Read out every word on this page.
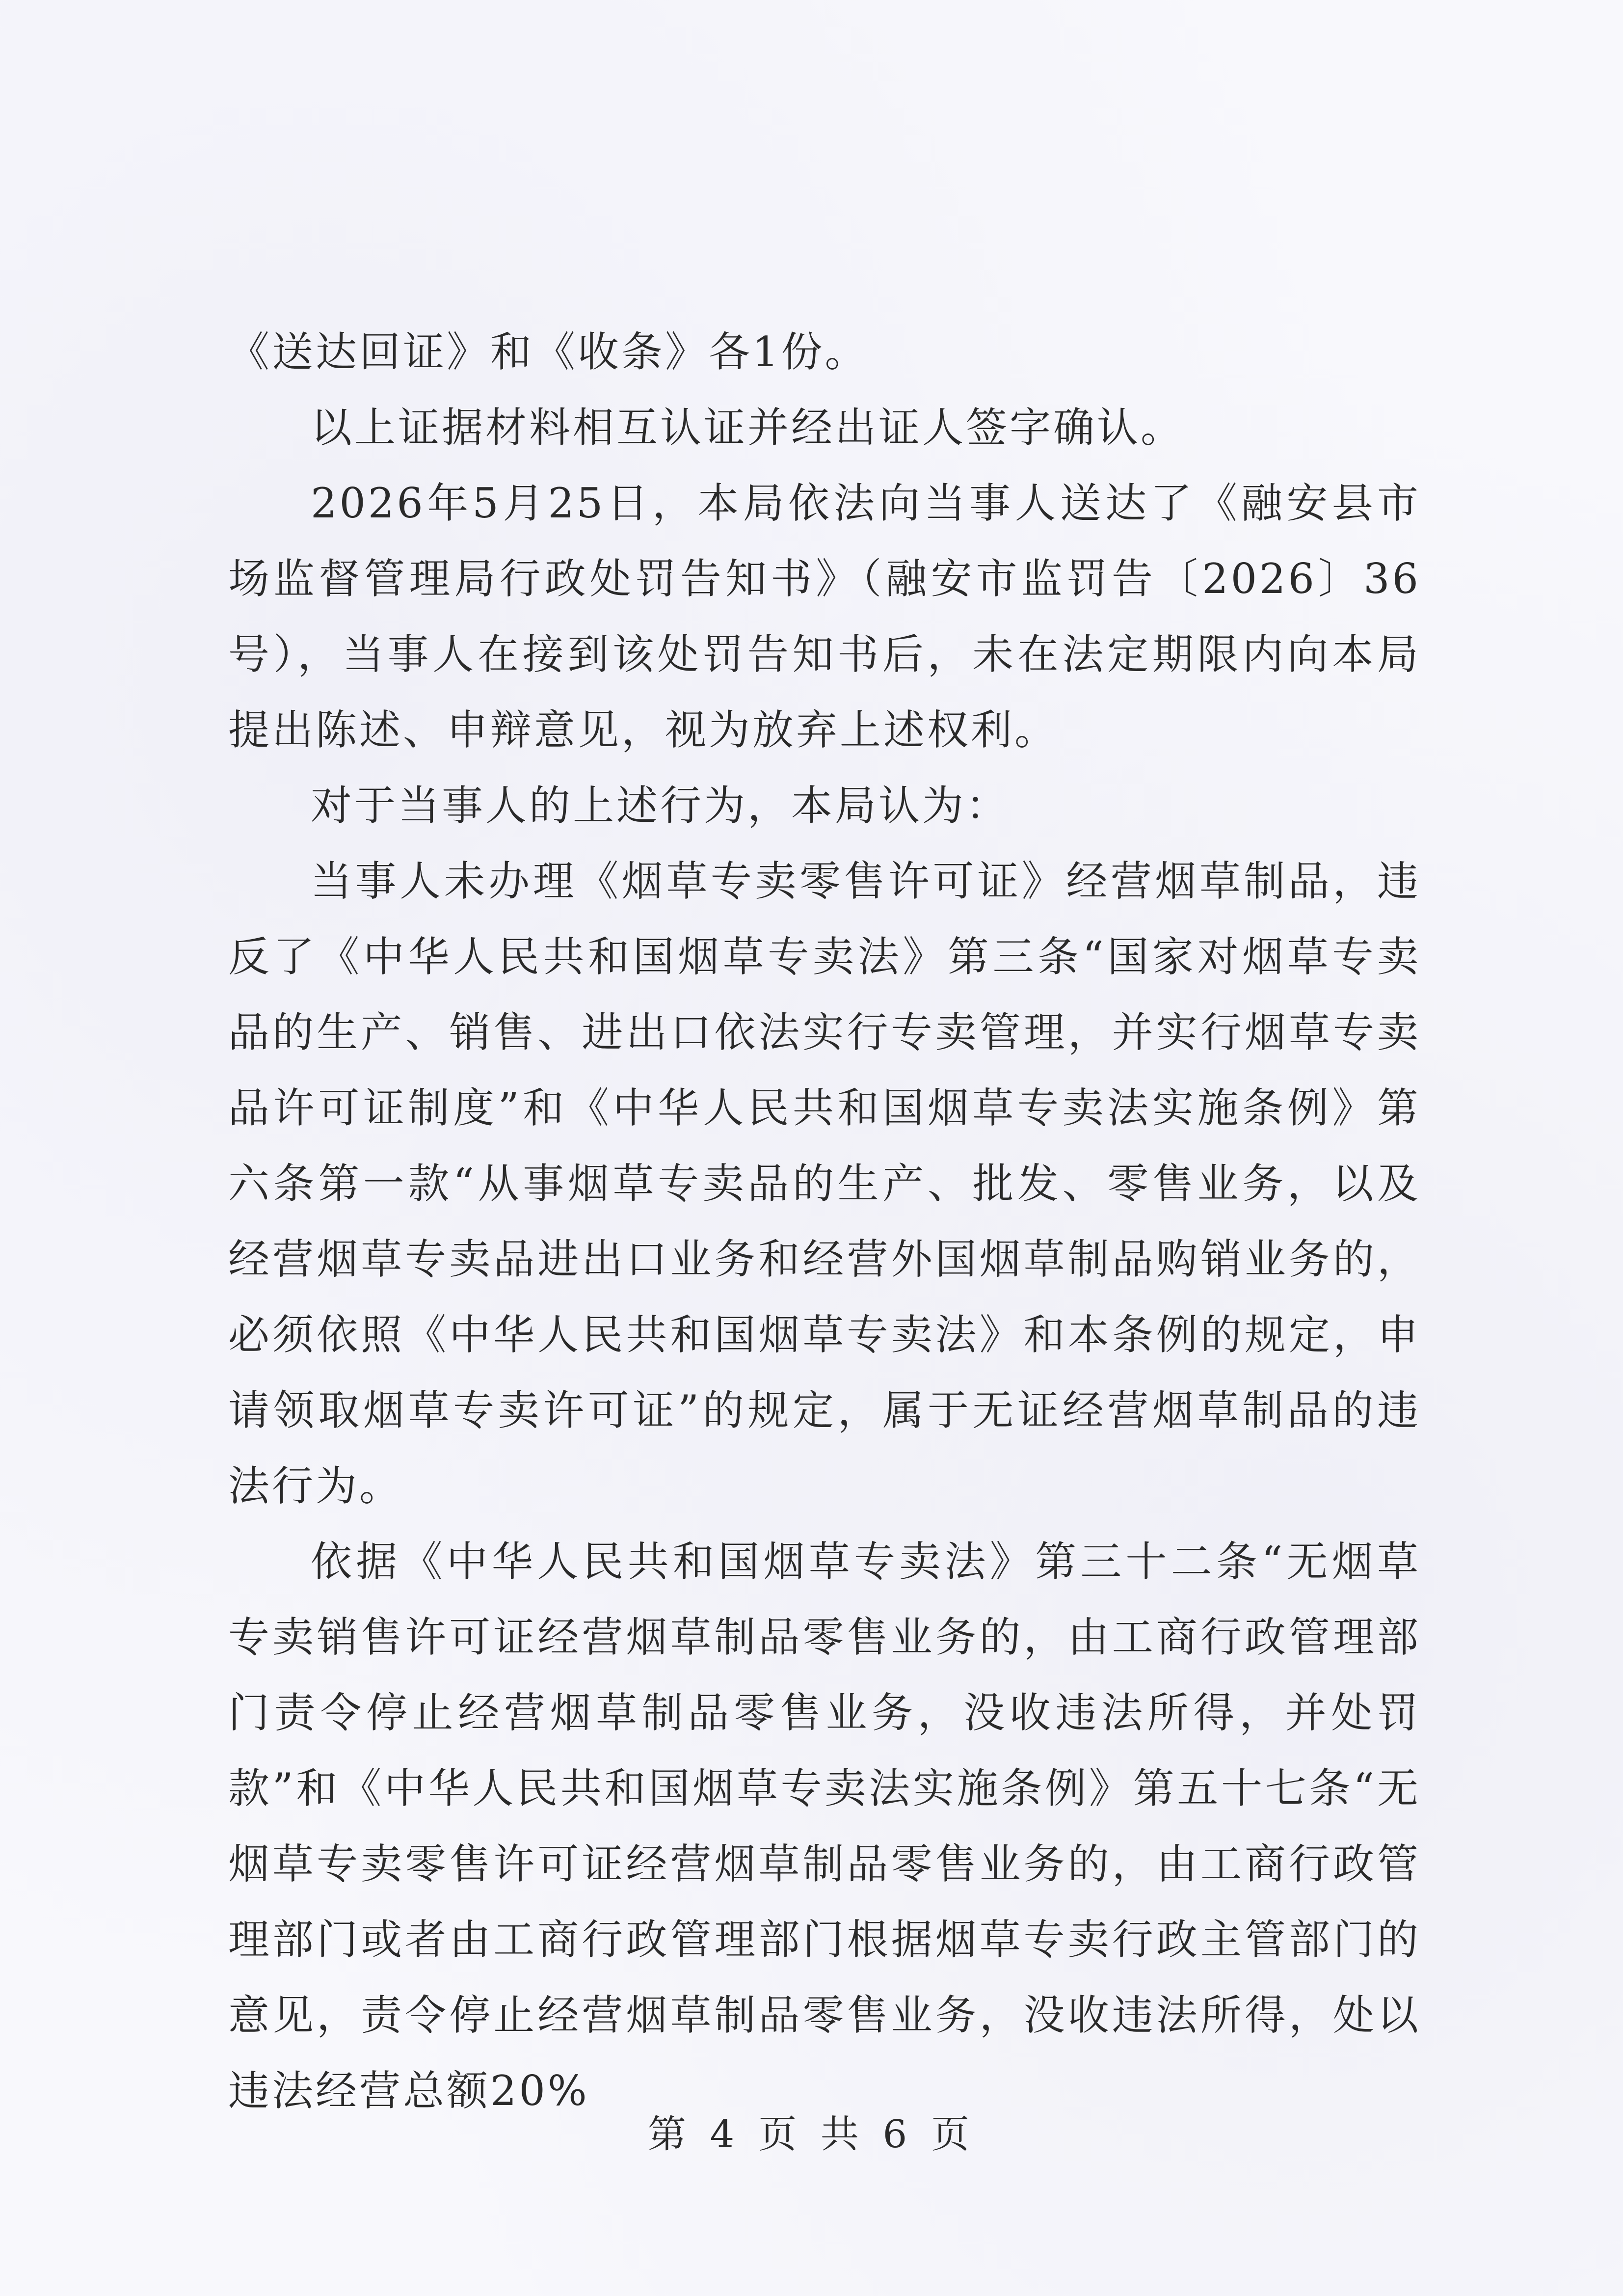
《送达回证》和《收条》各1份。

以上证据材料相互认证并经出证人签字确认。

2026年5月25日，本局依法向当事人送达了《融安县市场监督管理局行政处罚告知书》（融安市监罚告〔2026〕36号），当事人在接到该处罚告知书后，未在法定期限内向本局提出陈述、申辩意见，视为放弃上述权利。

对于当事人的上述行为，本局认为：

当事人未办理《烟草专卖零售许可证》经营烟草制品，违反了《中华人民共和国烟草专卖法》第三条“国家对烟草专卖品的生产、销售、进出口依法实行专卖管理，并实行烟草专卖品许可证制度”和《中华人民共和国烟草专卖法实施条例》第六条第一款“从事烟草专卖品的生产、批发、零售业务，以及经营烟草专卖品进出口业务和经营外国烟草制品购销业务的，必须依照《中华人民共和国烟草专卖法》和本条例的规定，申请领取烟草专卖许可证”的规定，属于无证经营烟草制品的违法行为。

依据《中华人民共和国烟草专卖法》第三十二条“无烟草专卖销售许可证经营烟草制品零售业务的，由工商行政管理部门责令停止经营烟草制品零售业务，没收违法所得，并处罚款”和《中华人民共和国烟草专卖法实施条例》第五十七条“无烟草专卖零售许可证经营烟草制品零售业务的，由工商行政管理部门或者由工商行政管理部门根据烟草专卖行政主管部门的意见，责令停止经营烟草制品零售业务，没收违法所得，处以违法经营总额20%

第 4 页 共 6 页
